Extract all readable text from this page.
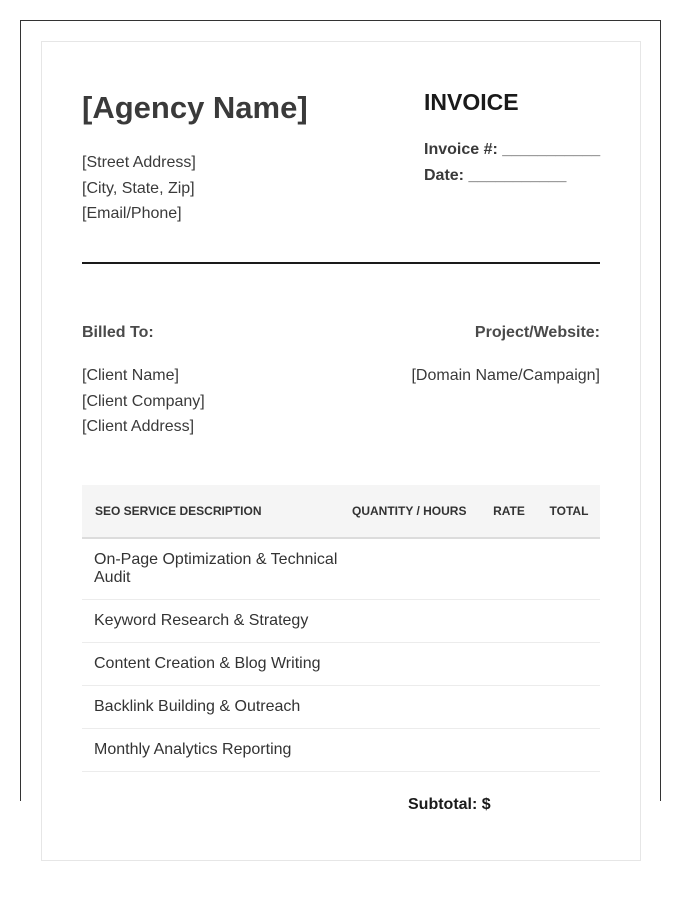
[Agency Name]
[Street Address]
[City, State, Zip]
[Email/Phone]
INVOICE
Invoice #: ___________
Date: ___________
Billed To:	Project/Website:
[Client Name]
[Client Company]
[Client Address]
[Domain Name/Campaign]
SEO SERVICE DESCRIPTION	QUANTITY / HOURS	RATE	TOTAL
On-Page Optimization & Technical Audit			
Keyword Research & Strategy			
Content Creation & Blog Writing			
Backlink Building & Outreach			
Monthly Analytics Reporting			
Subtotal: $
